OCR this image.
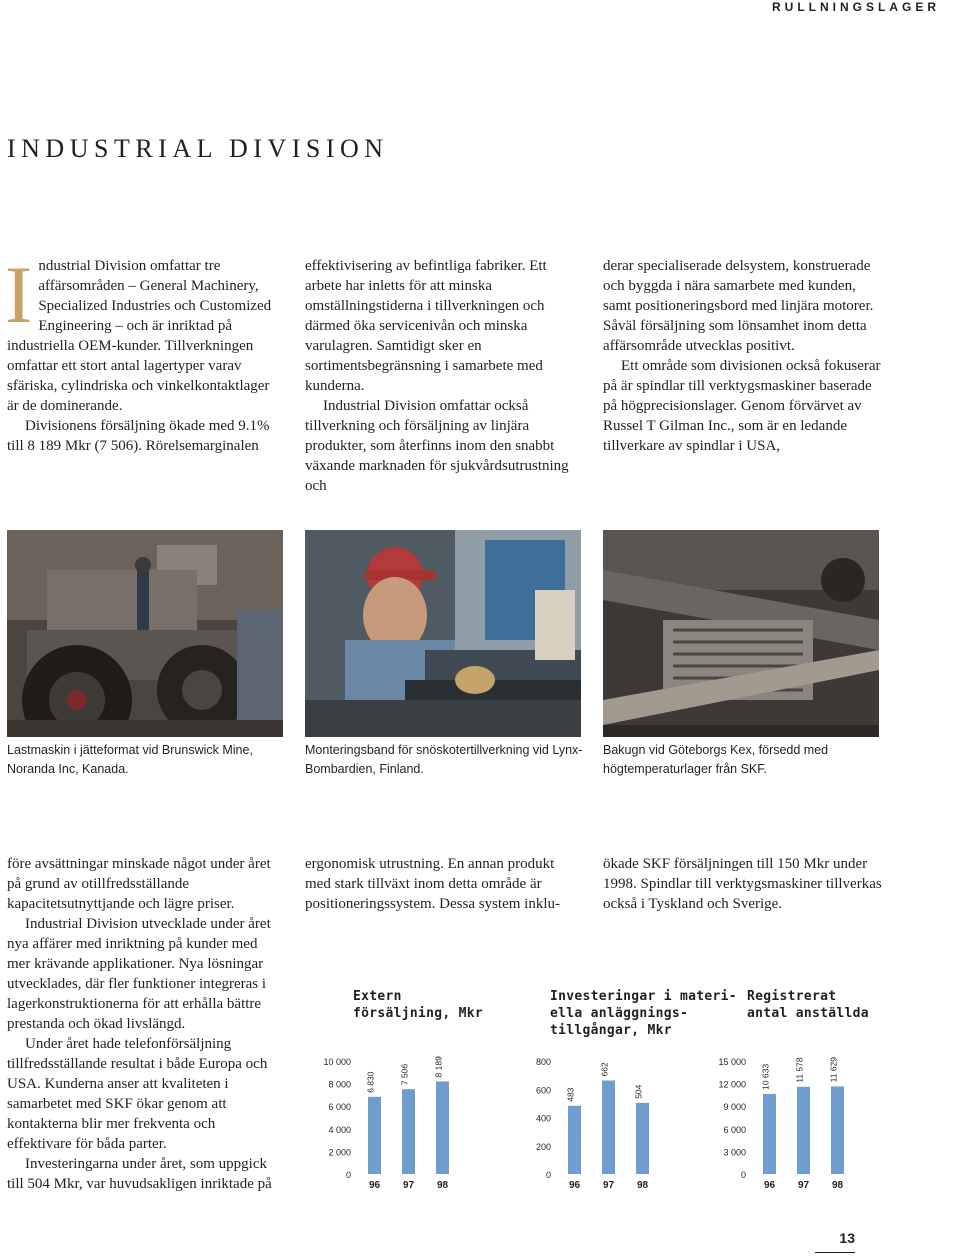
RULLNINGSLAGER
INDUSTRIAL DIVISION

Industrial Division omfattar tre affärsområden – General Machinery, Specialized Industries och Customized Engineering – och är inriktad på industriella OEM-kunder. Tillverkningen omfattar ett stort antal lagertyper varav sfäriska, cylindriska och vinkelkontaktlager är de dominerande.

Divisionens försäljning ökade med 9.1% till 8 189 Mkr (7 506). Rörelsemarginalen

effektivisering av befintliga fabriker. Ett arbete har inletts för att minska omställningstiderna i tillverkningen och därmed öka servicenivån och minska varulagren. Samtidigt sker en sortimentsbegränsning i samarbete med kunderna.

Industrial Division omfattar också tillverkning och försäljning av linjära produkter, som återfinns inom den snabbt växande marknaden för sjukvårdsutrustning och

derar specialiserade delsystem, konstruerade och byggda i nära samarbete med kunden, samt positioneringsbord med linjära motorer. Såväl försäljning som lönsamhet inom detta affärsområde utvecklas positivt.

Ett område som divisionen också fokuserar på är spindlar till verktygsmaskiner baserade på högprecisionslager. Genom förvärvet av Russel T Gilman Inc., som är en ledande tillverkare av spindlar i USA,

Lastmaskin i jätteformat vid Brunswick Mine, Noranda Inc, Kanada.

Monteringsband för snöskotertillverkning vid Lynx-Bombardien, Finland.

Bakugn vid Göteborgs Kex, försedd med högtemperaturlager från SKF.

före avsättningar minskade något under året på grund av otillfredsställande kapacitetsutnyttjande och lägre priser.

Industrial Division utvecklade under året nya affärer med inriktning på kunder med mer krävande applikationer. Nya lösningar utvecklades, där fler funktioner integreras i lagerkonstruktionerna för att erhålla bättre prestanda och ökad livslängd.

Under året hade telefonförsäljning tillfredsställande resultat i både Europa och USA. Kunderna anser att kvaliteten i samarbetet med SKF ökar genom att kontakterna blir mer frekventa och effektivare för båda parter.

Investeringarna under året, som uppgick till 504 Mkr, var huvudsakligen inriktade på

ergonomisk utrustning. En annan produkt med stark tillväxt inom detta område är positioneringssystem. Dessa system inklu-

ökade SKF försäljningen till 150 Mkr under 1998. Spindlar till verktygsmaskiner tillverkas också i Tyskland och Sverige.

Extern

försäljning, Mkr

Investeringar i materi-

ella anläggnings-

tillgångar, Mkr

Registrerat

antal anställda

0
2 000
4 000
6 000
8 000
10 000
6 830
96
7 506
97
8 189
98
0
200
400
600
800
483
96
662
97
504
98
0
3 000
6 000
9 000
12 000
15 000
10 633
96
11 578
97
11 629
98
13
